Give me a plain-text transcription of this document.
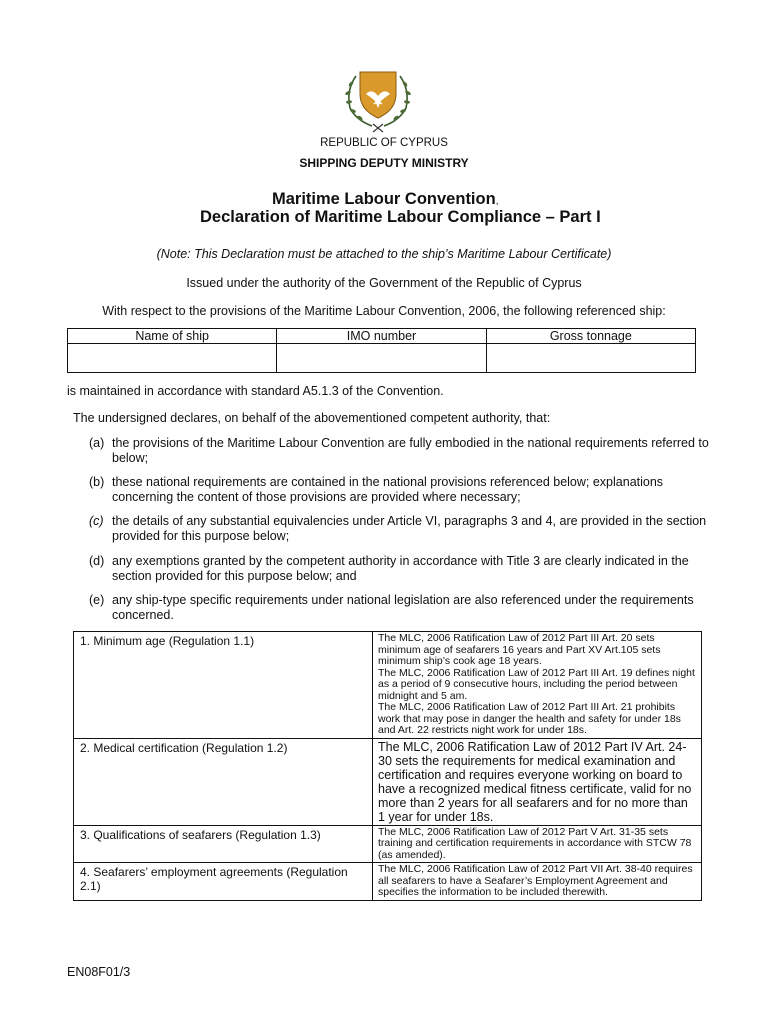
REPUBLIC OF CYPRUS
SHIPPING DEPUTY MINISTRY
Maritime Labour Convention,
Declaration of Maritime Labour Compliance – Part I
(Note: This Declaration must be attached to the ship’s Maritime Labour Certificate)
Issued under the authority of the Government of the Republic of Cyprus
With respect to the provisions of the Maritime Labour Convention, 2006, the following referenced ship:
Name of ship	IMO number	Gross tonnage

is maintained in accordance with standard A5.1.3 of the Convention.
The undersigned declares, on behalf of the abovementioned competent authority, that:
(a) the provisions of the Maritime Labour Convention are fully embodied in the national requirements referred to below;
(b) these national requirements are contained in the national provisions referenced below; explanations concerning the content of those provisions are provided where necessary;
(c) the details of any substantial equivalencies under Article VI, paragraphs 3 and 4, are provided in the section provided for this purpose below;
(d) any exemptions granted by the competent authority in accordance with Title 3 are clearly indicated in the section provided for this purpose below; and
(e) any ship-type specific requirements under national legislation are also referenced under the requirements concerned.
1. Minimum age (Regulation 1.1)	The MLC, 2006 Ratification Law of 2012 Part III Art. 20 sets minimum age of seafarers 16 years and Part XV Art.105 sets minimum ship’s cook age 18 years.
The MLC, 2006 Ratification Law of 2012 Part III Art. 19 defines night as a period of 9 consecutive hours, including the period between midnight and 5 am.
The MLC, 2006 Ratification Law of 2012 Part III Art. 21 prohibits work that may pose in danger the health and safety for under 18s and Art. 22 restricts night work for under 18s.
2. Medical certification (Regulation 1.2)	The MLC, 2006 Ratification Law of 2012 Part IV Art. 24-30 sets the requirements for medical examination and certification and requires everyone working on board to have a recognized medical fitness certificate, valid for no more than 2 years for all seafarers and for no more than 1 year for under 18s.
3. Qualifications of seafarers (Regulation 1.3)	The MLC, 2006 Ratification Law of 2012 Part V Art. 31-35 sets training and certification requirements in accordance with STCW 78 (as amended).
4. Seafarers’ employment agreements (Regulation 2.1)	The MLC, 2006 Ratification Law of 2012 Part VII Art. 38-40 requires all seafarers to have a Seafarer’s Employment Agreement and specifies the information to be included therewith.
EN08F01/3
